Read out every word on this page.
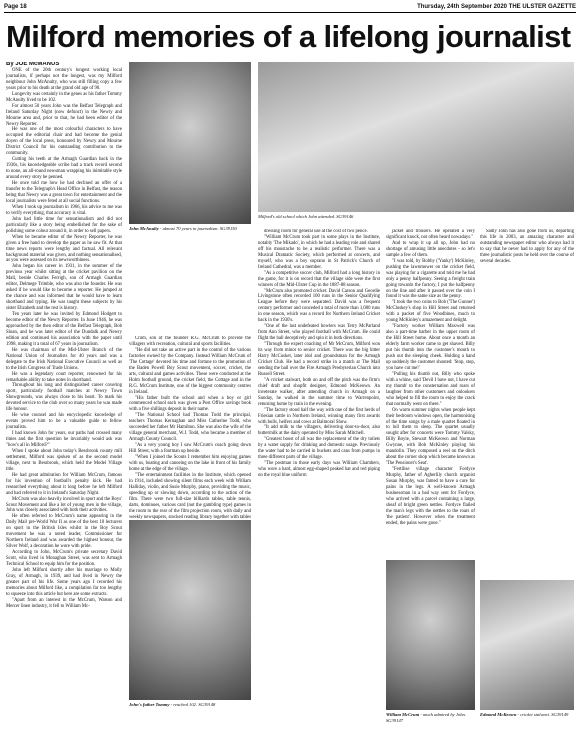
Page 18	Thursday, 24th September 2020 THE ULSTER GAZETTE
Milford memories of a lifelong journalist

By JOE McMANUS

ONE of the 20th century's longest working local journalists, if perhaps not the longest, was my Milford neighbour John McAnulty, who was still filling copy a few years prior to his death at the grand old age of 90.

Longevity was certainly in the genes as his father Tommy McAnulty lived to be 102.

For almost 50 years John was the Belfast Telegraph and Ireland Saturday Night (now defunct) in the Newry and Mourne area and, prior to that, he had been editor of the Newry Reporter.

He was one of the most colourful characters to have occupied the editorial chair and had become the genial doyen of the local press, honoured by Newry and Mourne District Council for his outstanding contribution to the community.

Cutting his teeth at the Armagh Guardian back in the 1930s, his knowledgeable scribe had a track record second to none, an all-round newsman wrapping his inimitable style around every story he penned.

He once told me how he had declined an offer of a transfer to the Telegraph's Head Office in Belfast, the reason being that Newry was a great town for entertainment and the local journalists were feted at all social functions.

When I took up journalism in 1966, his advice to me was to verify everything, that accuracy is vital.

John had little time for sensationalism and did not particularly like a story being embellished for the sake of polishing some colour around it, in order to sell papers.

When he became editor of the Newry Reporter, he was given a free hand to develop the paper as he saw fit. At that time news reports were lengthy and factual. All relevant background material was given, and nothing sensationalised, as you were assessed on its newsworthiness.

John began his career in 1931, in the summer of the previous year whilst sitting at the cricket pavilion on the Mall, beside Charles Ferrigh, son of Armagh Guardian editor, Delmege Trimble, who was also the founder. He was asked if he would like to become a reporter. He jumped at the chance and was informed that he would have to learn shorthand and typing. He was taught these subjects by his sister Elizabeth and the rest is history.

Ten years later he was invited by Edmond Hodgett to become editor of the Newry Reporter. In June 1946, he was approached by the then editor of the Belfast Telegraph, Bob Sloan, and he was later editor of the Dundalk and Newry edition and continued his association with the paper until 1998, making it a total of 67 years in journalism.

He was chairman of the Mid-Ulster Branch of the National Union of Journalists for 40 years and was a delegate to the Irish National Executive Council as well as to the Irish Congress of Trade Unions.

He was a legendary court reporter, renowned for his remarkable ability to take notes in shorthand.

Throughout his long and distinguished career covering sport, particularly football matches at Newry Town Showgrounds, was always close to his heart. To mark his devoted service to the club over so many years he was made life honour.

He wise counsel and his encyclopedic knowledge of events proved him to be a valuable guide to fellow journalists.

I had known John for years, our paths had crossed many times and the first question he invariably would ask was "how's all in Milford?"

When I spoke about John today's Bessbrook county mill settlement, Milford was spoken of as the second model village, next to Bessbrook, which held the Model Village title.

He had great admiration for William McCrum, famous for his invention of football's penalty kick. He had researched everything about it long before he left Milford and had referred to it in Ireland's Saturday Night.

McCrum was also heavily involved in sport and the Boys' Scout Movement and like a lot of young men in the village, John was closely associated with both their activities.

He often referred to McCrum's name appearing in the Daily Mail pre-World War II as one of the best 10 lecturers on sport in the British Isles whilst in the Boy Scout movement he was a noted leader, Commissioner for Northern Ireland and was awarded the highest honour, the Silver Wolf, a decoration he wore with pride.

According to John, McCrum's private secretary David Scott, who lived in Monaghan Street, was sent to Armagh Technical School to equip him for the position.

John left Milford shortly after his marriage to Molly Gray, of Armagh, in 1939, and had lived in Newry the greater part of his life. Some years ago I recorded his memories about Milford like, a compilation far too lengthy to squeeze into this article but here are some extracts.

"Apart from an interest in the McCrum, Watson and Mercer linen industry, it fell to William Mc-

John McAnulty - almost 70 years in journalism. SG39150
Milford's old school which John attended. SG39146

Crum, son of the founder R.G. McCrum to provide the villagers with recreation, cultural and sports facilities.

"He did not take an active part in the control of the various factories owned by the Company. Instead William McCrum of 'The Cottage' devoted his time and fortune to the promotion of the Baden Powell Boy Scout movement, soccer, cricket, the arts, cultural and games activities. These were conducted at the Holm football ground, the cricket field, the Cottage and in the R.G. McCrum Institute, one of the biggest community centres in Ireland.

"His father built the school and when a boy or girl commenced school each was given a Post Office savings book with a five shillings deposit in their name.

"The National School had Thomas Todd the principal, teachers Thomas Kernaghan and Miss Catherine Todd, who succeeded her father Mr Hamilton. She was also the wife of the village general merchant, W.J. Todd, who became a member of Armagh County Council.

"As a very young boy I saw McCrum's coach going down Hill Street, with a footman up beside.

"When I joined the Scouts I remember him enjoying games with us, boating and canoeing on the lake in front of his family home at the edge of the village.

"The entertainment facilities in the Institute, which opened in 1914, included showing silent films each week with William Halliday, violin, and Susie Murphy, piano, providing the music, speeding up or slowing down, according to the action of the film. There were two full-size billiards tables, table tennis, darts, dominoes, various card (not the gambling type) games in the room to the rear of the film projection room, with daily and weekly newspapers, stocked reading library together with tables

John's father Tommy - reached 102. SG39148

dressing room for general use at the cost of two pence.

"William McCrum took part in some plays in the Institute, notably 'The Mikado', in which he had a leading role and shared off his moustache to be a realistic performer. There was a Musical Dramatic Society, which performed at concerts, and myself, who was a boy soprano in St Patrick's Church of Ireland Cathedral, was a member.

"As a competitive soccer club, Milford had a long history in the game, for it is on record that the village side were the first winners of the Mid-Ulster Cup in the 1887-88 season.

"McCrum also promoted cricket. David Carson and Geordie Livingstone often recorded 100 runs in the Senior Qualifying League before they were separated. David was a frequent century performer and conceded a total of more than 1,000 runs in one season, which was a record for Northern Ireland Cricket back in the 1930's.

"One of the last undefeated bowlers was Terry McParland from Ann Street, who played football with McCrum. He could flight the ball deceptively and spin it in both directions.

"Through the expert coaching of Mr McCrum, Milford won its way from minor to senior cricket. There was the big hitter Harry McCusker, later idol and groundsman for the Armagh Cricket Club. He had a record strike in a match at The Mall sending the ball over the Fire Armagh Presbyterian Church into Russell Street.

"A cricket stalwart, both on and off the pitch was the firm's chief draft and shopfit designer, Edmond McKeown. An inveterate walker, after attending church in Armagh on a Sunday, he walked in the summer time to Warrenpoint, returning home by train in the evening.

"The factory stood half the way with one of the first herds of Friesian cattle in Northern Ireland, winning many first awards with bulls, heifers and cows at Balmoral Show.

"It add milk to the villagers, delivering door-to-door, also buttermilk at the dairy operated by Miss Sarah Mitchell.

"Greatest boost of all was the replacement of the dry toilets by a water supply for drinking and domestic usage. Previously the water had to be carried in buckets and cans from pumps in three different parts of the village.

"The postman in those early days was William Chambers, who wore a hard, almost egg-shaped peaked hat and red piping on the royal blue uniform

jacket and trousers. He operated a very significant knock, not often heard nowadays."

And to wrap it up all up, John had no shortage of amusing little anecdotes - so let's sample a few of them.

"I was told, by Bobby ('Yanky') McKinley, pushing the lawnmower on the cricket field, was playing for a cigarette and told me he had only a penny halfpenny. Seeing a freight train going towards the factory, I put the halfpenny on the line and after it passed over the coin I found it was the same size as the penny.

"I took the two coins to Bob ('The Gunner') McCloskey's shop in Hill Street and returned with a packet of five Woodbines, much to young McKinley's amazement and delight.

"Factory worker William Maxwell was also a part-time barber in the upper room of the Hill Street home. About once a month an elderly farm worker came to get shaved. Billy put his thumb into the customer's mouth to push out the sleeping cheek. Holding a hand up suddenly the customer shouted: 'Stop, stop, you have cut me!'

"Pulling his thumb out, Billy who spoke with a whine, said 'Devil I have not, I have cut my thumb' to the consternation and roars of laughter from other customers and onlookers who helped to fill the room to enjoy the crack that normally went on there."

On warm summer nights when people kept their bedroom windows open, the harmonising of the time songs by a male quartet floated in to lull them to sleep. The quartet usually sought after for concerts were Tommy Valsky, Billy Boyle, Stewart McKeown and Norman Gwynne, with Bob McKinley playing his mandolin. They composed a reel on the ditch about the corner shop which became known as 'The Pensioner's Seat'.

"Fertilise village character Fordyce Murphy, father of Agherlily church organist Susan Murphy, was famed to have a cure for pains in the legs. A well-known Armagh businessman in a bad way sent for Fordyce, who arrived with a parcel containing a large, sheaf of bright green nettles. Fordyce flailed the man's legs with the nettles to the roars of 'the patient'. However when the treatment ended, the pains were gone."

Sadly John has also gone from us, departing this life in 2003, an amazing character and outstanding newspaper editor who always had it to say that he never had to apply for any of the three journalistic posts he held over the course of several decades.

William McCrum - much admired by John. SG39147
Edmond McKeown - cricket stalwart. SG39149
